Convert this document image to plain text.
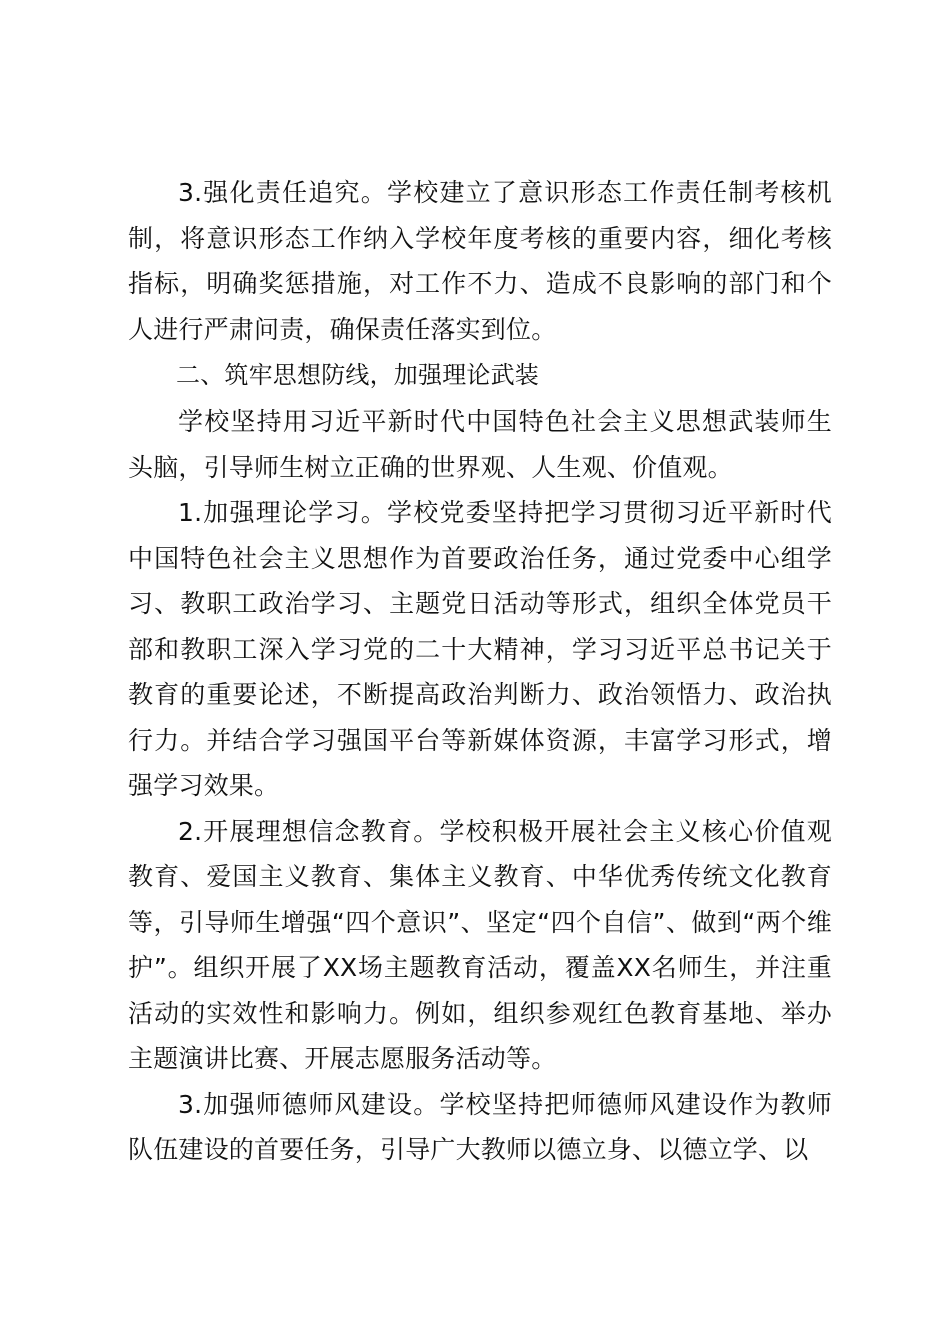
3.强化责任追究。学校建立了意识形态工作责任制考核机制，将意识形态工作纳入学校年度考核的重要内容，细化考核指标，明确奖惩措施，对工作不力、造成不良影响的部门和个人进行严肃问责，确保责任落实到位。

二、筑牢思想防线，加强理论武装

学校坚持用习近平新时代中国特色社会主义思想武装师生头脑，引导师生树立正确的世界观、人生观、价值观。

1.加强理论学习。学校党委坚持把学习贯彻习近平新时代中国特色社会主义思想作为首要政治任务，通过党委中心组学习、教职工政治学习、主题党日活动等形式，组织全体党员干部和教职工深入学习党的二十大精神，学习习近平总书记关于教育的重要论述，不断提高政治判断力、政治领悟力、政治执行力。并结合学习强国平台等新媒体资源，丰富学习形式，增强学习效果。

2.开展理想信念教育。学校积极开展社会主义核心价值观教育、爱国主义教育、集体主义教育、中华优秀传统文化教育等，引导师生增强“四个意识”、坚定“四个自信”、做到“两个维护”。组织开展了XX场主题教育活动，覆盖XX名师生，并注重活动的实效性和影响力。例如，组织参观红色教育基地、举办主题演讲比赛、开展志愿服务活动等。

3.加强师德师风建设。学校坚持把师德师风建设作为教师队伍建设的首要任务，引导广大教师以德立身、以德立学、以
